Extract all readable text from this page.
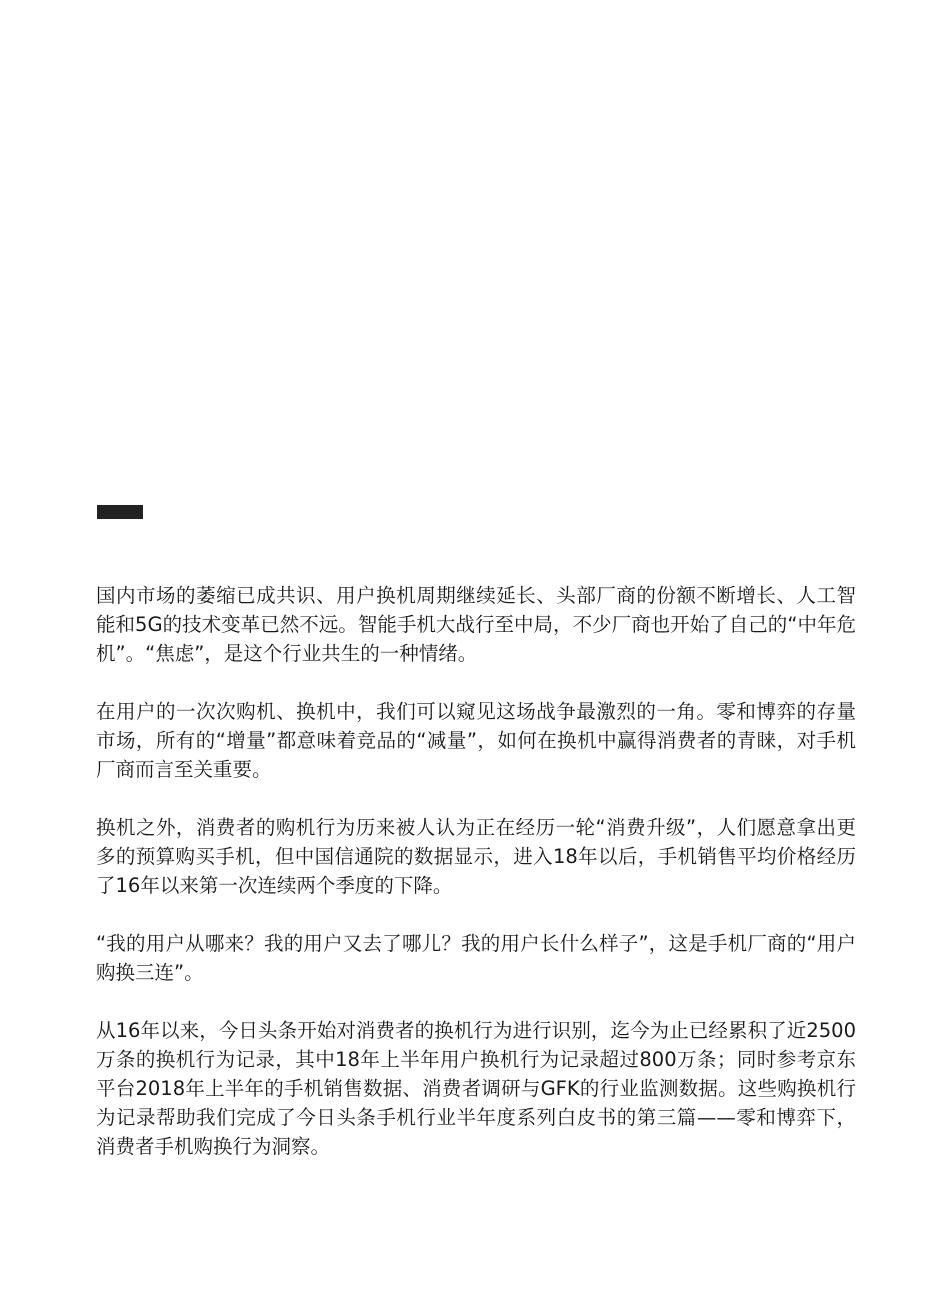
国内市场的萎缩已成共识、用户换机周期继续延长、头部厂商的份额不断增长、人工智能和5G的技术变革已然不远。智能手机大战行至中局，不少厂商也开始了自己的“中年危机”。“焦虑”，是这个行业共生的一种情绪。

在用户的一次次购机、换机中，我们可以窥见这场战争最激烈的一角。零和博弈的存量市场，所有的“增量”都意味着竞品的“减量”，如何在换机中赢得消费者的青睐，对手机厂商而言至关重要。

换机之外，消费者的购机行为历来被人认为正在经历一轮“消费升级”，人们愿意拿出更多的预算购买手机，但中国信通院的数据显示，进入18年以后，手机销售平均价格经历了16年以来第一次连续两个季度的下降。

“我的用户从哪来？我的用户又去了哪儿？我的用户长什么样子”，这是手机厂商的“用户购换三连”。

从16年以来，今日头条开始对消费者的换机行为进行识别，迄今为止已经累积了近2500万条的换机行为记录，其中18年上半年用户换机行为记录超过800万条；同时参考京东平台2018年上半年的手机销售数据、消费者调研与GFK的行业监测数据。这些购换机行为记录帮助我们完成了今日头条手机行业半年度系列白皮书的第三篇——零和博弈下，消费者手机购换行为洞察。
